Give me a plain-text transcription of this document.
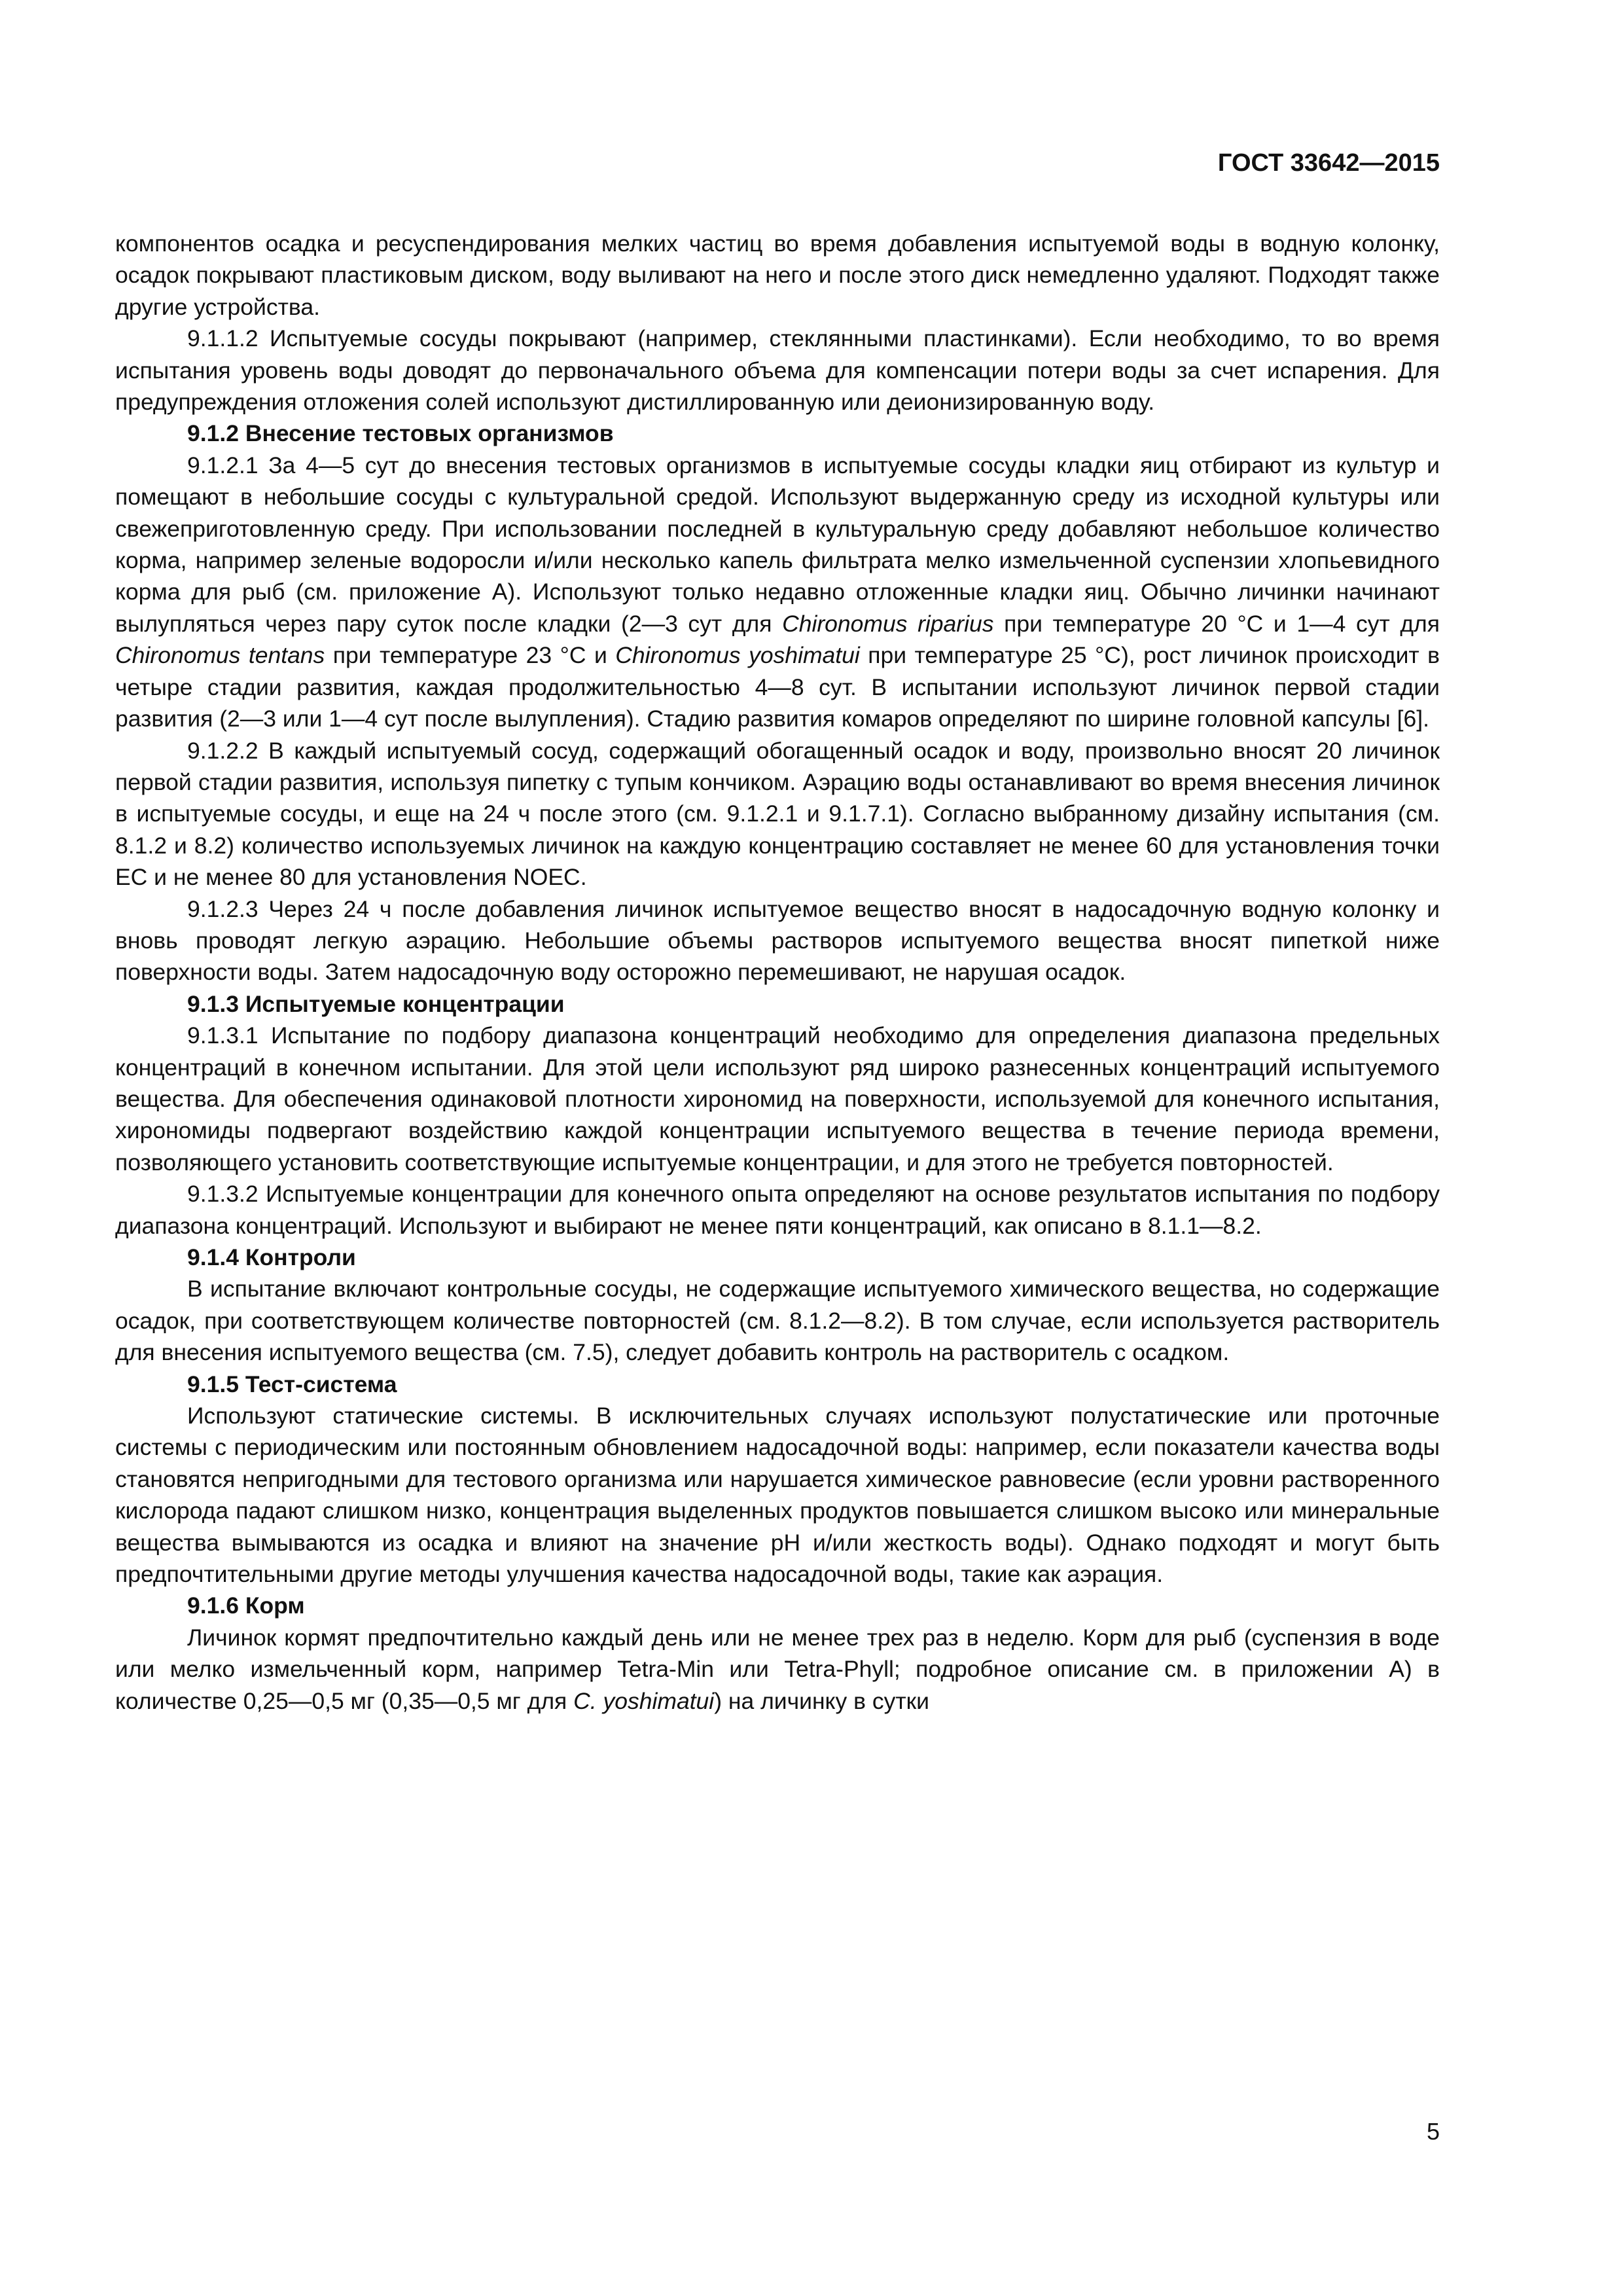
ГОСТ 33642—2015

компонентов осадка и ресуспендирования мелких частиц во время добавления испытуемой воды в водную колонку, осадок покрывают пластиковым диском, воду выливают на него и после этого диск немедленно удаляют. Подходят также другие устройства.

9.1.1.2 Испытуемые сосуды покрывают (например, стеклянными пластинками). Если необходимо, то во время испытания уровень воды доводят до первоначального объема для компенсации потери воды за счет испарения. Для предупреждения отложения солей используют дистиллированную или деионизированную воду.

9.1.2 Внесение тестовых организмов

9.1.2.1 За 4—5 сут до внесения тестовых организмов в испытуемые сосуды кладки яиц отбирают из культур и помещают в небольшие сосуды с культуральной средой. Используют выдержанную среду из исходной культуры или свежеприготовленную среду. При использовании последней в культуральную среду добавляют небольшое количество корма, например зеленые водоросли и/или несколько капель фильтрата мелко измельченной суспензии хлопьевидного корма для рыб (см. приложение А). Используют только недавно отложенные кладки яиц. Обычно личинки начинают вылупляться через пару суток после кладки (2—3 сут для Chironomus riparius при температуре 20 °С и 1—4 сут для Chironomus tentans при температуре 23 °С и Chironomus yoshimatui при температуре 25 °С), рост личинок происходит в четыре стадии развития, каждая продолжительностью 4—8 сут. В испытании используют личинок первой стадии развития (2—3 или 1—4 сут после вылупления). Стадию развития комаров определяют по ширине головной капсулы [6].

9.1.2.2 В каждый испытуемый сосуд, содержащий обогащенный осадок и воду, произвольно вносят 20 личинок первой стадии развития, используя пипетку с тупым кончиком. Аэрацию воды останавливают во время внесения личинок в испытуемые сосуды, и еще на 24 ч после этого (см. 9.1.2.1 и 9.1.7.1). Согласно выбранному дизайну испытания (см. 8.1.2 и 8.2) количество используемых личинок на каждую концентрацию составляет не менее 60 для установления точки ЕС и не менее 80 для установления NOEC.

9.1.2.3 Через 24 ч после добавления личинок испытуемое вещество вносят в надосадочную водную колонку и вновь проводят легкую аэрацию. Небольшие объемы растворов испытуемого вещества вносят пипеткой ниже поверхности воды. Затем надосадочную воду осторожно перемешивают, не нарушая осадок.

9.1.3 Испытуемые концентрации

9.1.3.1 Испытание по подбору диапазона концентраций необходимо для определения диапазона предельных концентраций в конечном испытании. Для этой цели используют ряд широко разнесенных концентраций испытуемого вещества. Для обеспечения одинаковой плотности хирономид на поверхности, используемой для конечного испытания, хирономиды подвергают воздействию каждой концентрации испытуемого вещества в течение периода времени, позволяющего установить соответствующие испытуемые концентрации, и для этого не требуется повторностей.

9.1.3.2 Испытуемые концентрации для конечного опыта определяют на основе результатов испытания по подбору диапазона концентраций. Используют и выбирают не менее пяти концентраций, как описано в 8.1.1—8.2.

9.1.4 Контроли

В испытание включают контрольные сосуды, не содержащие испытуемого химического вещества, но содержащие осадок, при соответствующем количестве повторностей (см. 8.1.2—8.2). В том случае, если используется растворитель для внесения испытуемого вещества (см. 7.5), следует добавить контроль на растворитель с осадком.

9.1.5 Тест-система

Используют статические системы. В исключительных случаях используют полустатические или проточные системы с периодическим или постоянным обновлением надосадочной воды: например, если показатели качества воды становятся непригодными для тестового организма или нарушается химическое равновесие (если уровни растворенного кислорода падают слишком низко, концентрация выделенных продуктов повышается слишком высоко или минеральные вещества вымываются из осадка и влияют на значение pH и/или жесткость воды). Однако подходят и могут быть предпочтительными другие методы улучшения качества надосадочной воды, такие как аэрация.

9.1.6 Корм

Личинок кормят предпочтительно каждый день или не менее трех раз в неделю. Корм для рыб (суспензия в воде или мелко измельченный корм, например Tetra-Min или Tetra-Phyll; подробное описание см. в приложении А) в количестве 0,25—0,5 мг (0,35—0,5 мг для C. yoshimatui) на личинку в сутки

5
